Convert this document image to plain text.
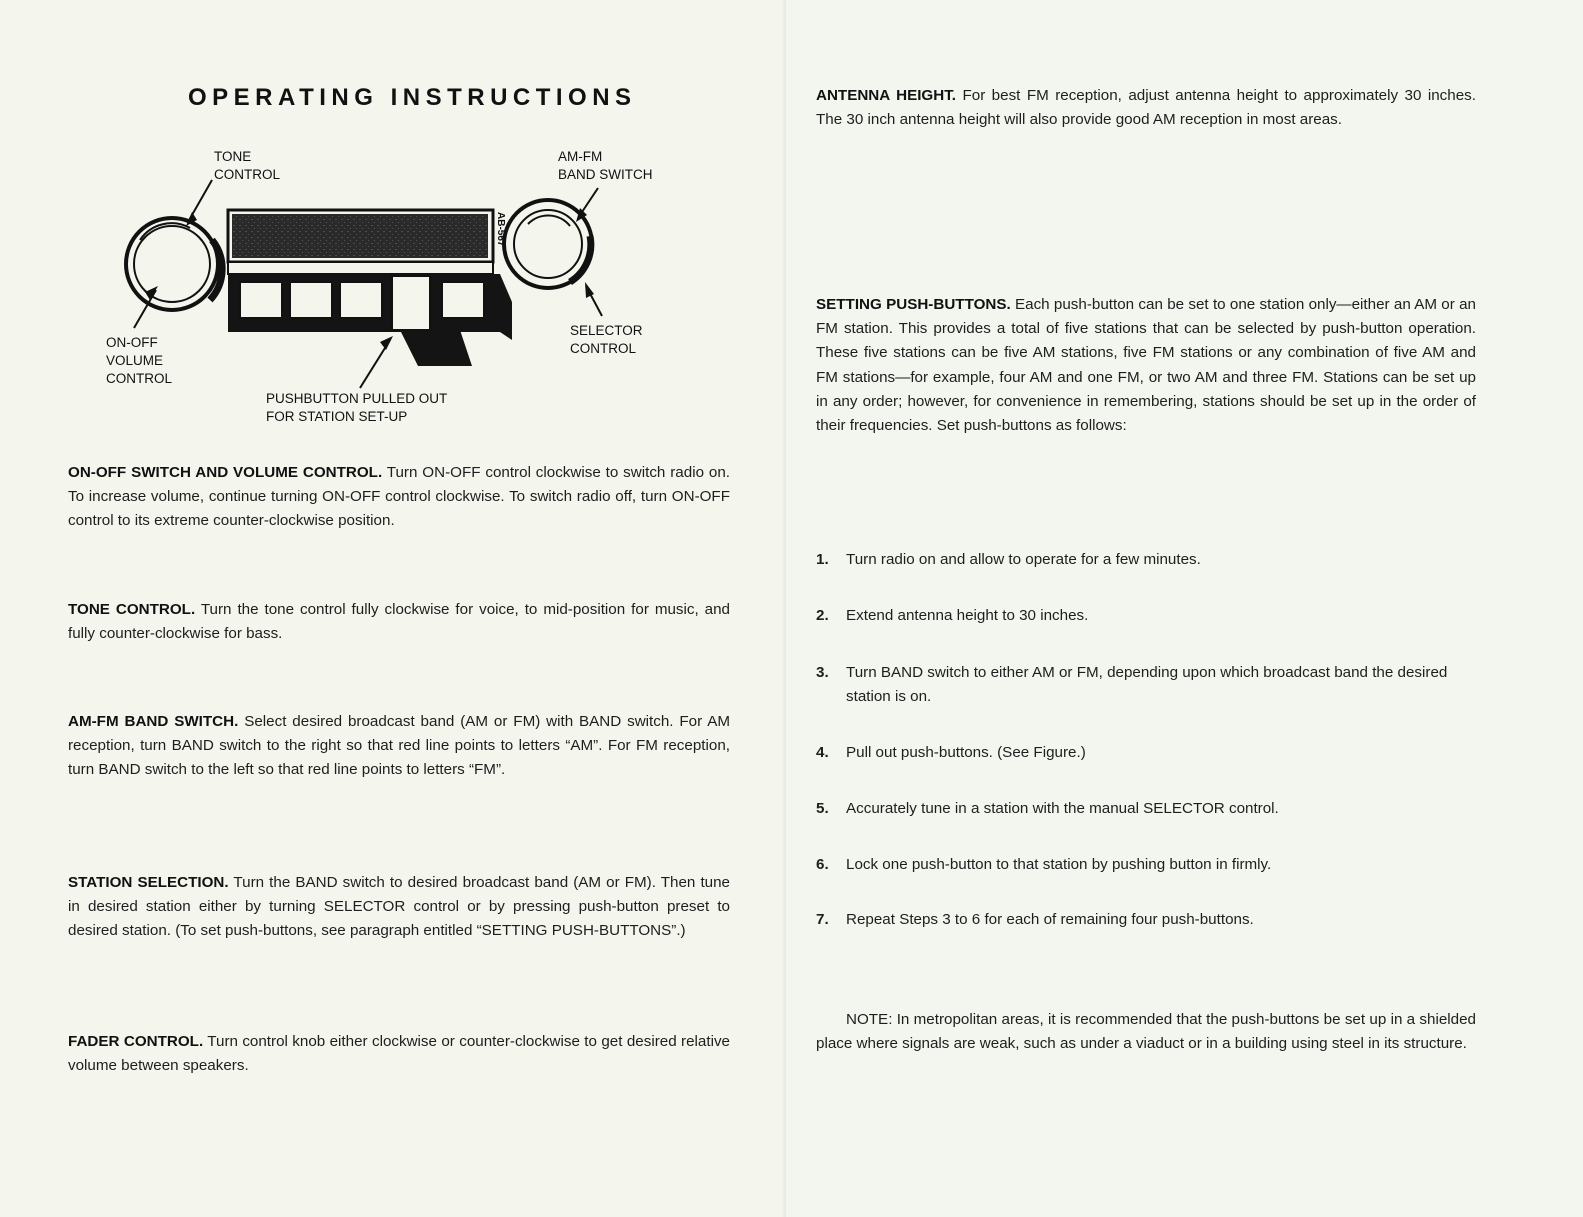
OPERATING INSTRUCTIONS
AB-567
TONE
CONTROL
AM-FM
BAND SWITCH
ON-OFF
VOLUME
CONTROL
SELECTOR
CONTROL
PUSHBUTTON PULLED OUT
FOR STATION SET-UP

ON-OFF SWITCH AND VOLUME CONTROL. Turn ON-OFF control clockwise to switch radio on. To increase volume, continue turning ON-OFF control clockwise. To switch radio off, turn ON-OFF control to its extreme counter-clockwise position.

TONE CONTROL. Turn the tone control fully clockwise for voice, to mid-position for music, and fully counter-clockwise for bass.

AM-FM BAND SWITCH. Select desired broadcast band (AM or FM) with BAND switch. For AM reception, turn BAND switch to the right so that red line points to letters “AM”. For FM reception, turn BAND switch to the left so that red line points to letters “FM”.

STATION SELECTION. Turn the BAND switch to desired broadcast band (AM or FM). Then tune in desired station either by turning SELECTOR control or by pressing push-button preset to desired station. (To set push-buttons, see paragraph entitled “SETTING PUSH-BUTTONS”.)

FADER CONTROL. Turn control knob either clockwise or counter-clockwise to get desired relative volume between speakers.

ANTENNA HEIGHT. For best FM reception, adjust antenna height to approximately 30 inches. The 30 inch antenna height will also provide good AM reception in most areas.

SETTING PUSH-BUTTONS. Each push-button can be set to one station only—either an AM or an FM station. This provides a total of five stations that can be selected by push-button operation. These five stations can be five AM stations, five FM stations or any combination of five AM and FM stations—for example, four AM and one FM, or two AM and three FM. Stations can be set up in any order; however, for convenience in remembering, stations should be set up in the order of their frequencies. Set push-buttons as follows:

1. Turn radio on and allow to operate for a few minutes.
2. Extend antenna height to 30 inches.
3. Turn BAND switch to either AM or FM, depending upon which broadcast band the desired station is on.
4. Pull out push-buttons. (See Figure.)
5. Accurately tune in a station with the manual SELECTOR control.
6. Lock one push-button to that station by pushing button in firmly.
7. Repeat Steps 3 to 6 for each of remaining four push-buttons.

NOTE: In metropolitan areas, it is recommended that the push-buttons be set up in a shielded place where signals are weak, such as under a viaduct or in a building using steel in its structure.
